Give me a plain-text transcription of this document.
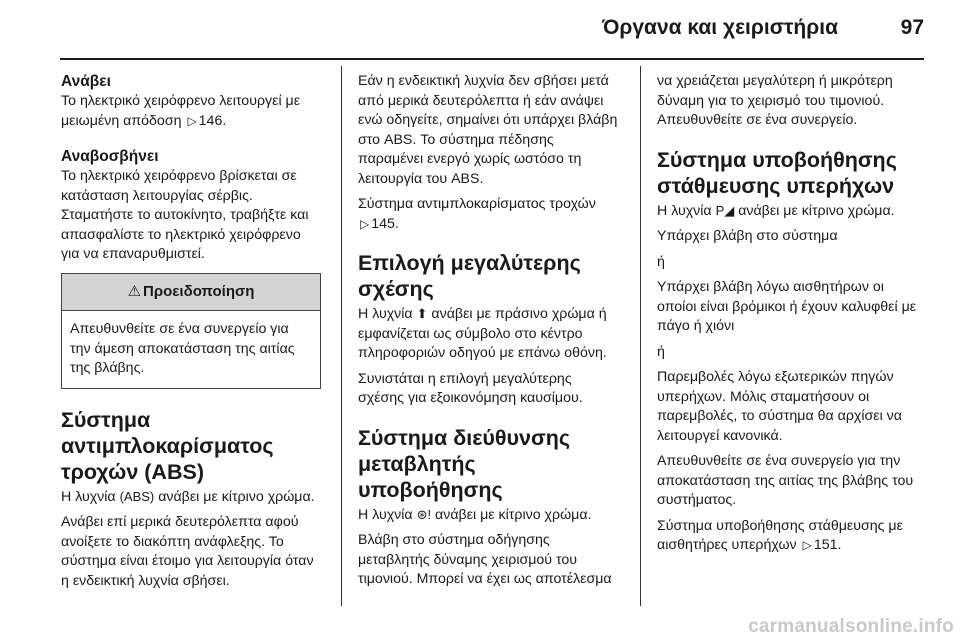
Όργανα και χειριστήρια	97
Ανάβει

Το ηλεκτρικό χειρόφρενο λειτουργεί με μειωμένη απόδοση ▷ 146.

Αναβοσβήνει

Το ηλεκτρικό χειρόφρενο βρίσκεται σε κατάσταση λειτουργίας σέρβις. Σταματήστε το αυτοκίνητο, τραβήξτε και απασφαλίστε το ηλεκτρικό χειρόφρενο για να επαναρυθμιστεί.

⚠ Προειδοποίηση
Απευθυνθείτε σε ένα συνεργείο για την άμεση αποκατάσταση της αιτίας της βλάβης.
Σύστημα αντιμπλοκαρίσματος τροχών (ABS)

Η λυχνία (ABS) ανάβει με κίτρινο χρώμα.

Ανάβει επί μερικά δευτερόλεπτα αφού ανοίξετε το διακόπτη ανάφλεξης. Το σύστημα είναι έτοιμο για λειτουργία όταν η ενδεικτική λυχνία σβήσει.

Εάν η ενδεικτική λυχνία δεν σβήσει μετά από μερικά δευτερόλεπτα ή εάν ανάψει ενώ οδηγείτε, σημαίνει ότι υπάρχει βλάβη στο ABS. Το σύστημα πέδησης παραμένει ενεργό χωρίς ωστόσο τη λειτουργία του ABS.

Σύστημα αντιμπλοκαρίσματος τροχών ▷ 145.

Επιλογή μεγαλύτερης σχέσης

Η λυχνία ⬆ ανάβει με πράσινο χρώμα ή εμφανίζεται ως σύμβολο στο κέντρο πληροφοριών οδηγού με επάνω οθόνη.

Συνιστάται η επιλογή μεγαλύτερης σχέσης για εξοικονόμηση καυσίμου.

Σύστημα διεύθυνσης μεταβλητής υποβοήθησης

Η λυχνία ⊛! ανάβει με κίτρινο χρώμα.

Βλάβη στο σύστημα οδήγησης μεταβλητής δύναμης χειρισμού του τιμονιού. Μπορεί να έχει ως αποτέλεσμα

να χρειάζεται μεγαλύτερη ή μικρότερη δύναμη για το χειρισμό του τιμονιού. Απευθυνθείτε σε ένα συνεργείο.

Σύστημα υποβοήθησης στάθμευσης υπερήχων

Η λυχνία P◢ ανάβει με κίτρινο χρώμα.

Υπάρχει βλάβη στο σύστημα

ή

Υπάρχει βλάβη λόγω αισθητήρων οι οποίοι είναι βρόμικοι ή έχουν καλυφθεί με πάγο ή χιόνι

ή

Παρεμβολές λόγω εξωτερικών πηγών υπερήχων. Μόλις σταματήσουν οι παρεμβολές, το σύστημα θα αρχίσει να λειτουργεί κανονικά.

Απευθυνθείτε σε ένα συνεργείο για την αποκατάσταση της αιτίας της βλάβης του συστήματος.

Σύστημα υποβοήθησης στάθμευσης με αισθητήρες υπερήχων ▷ 151.

carmanualsonline.info
